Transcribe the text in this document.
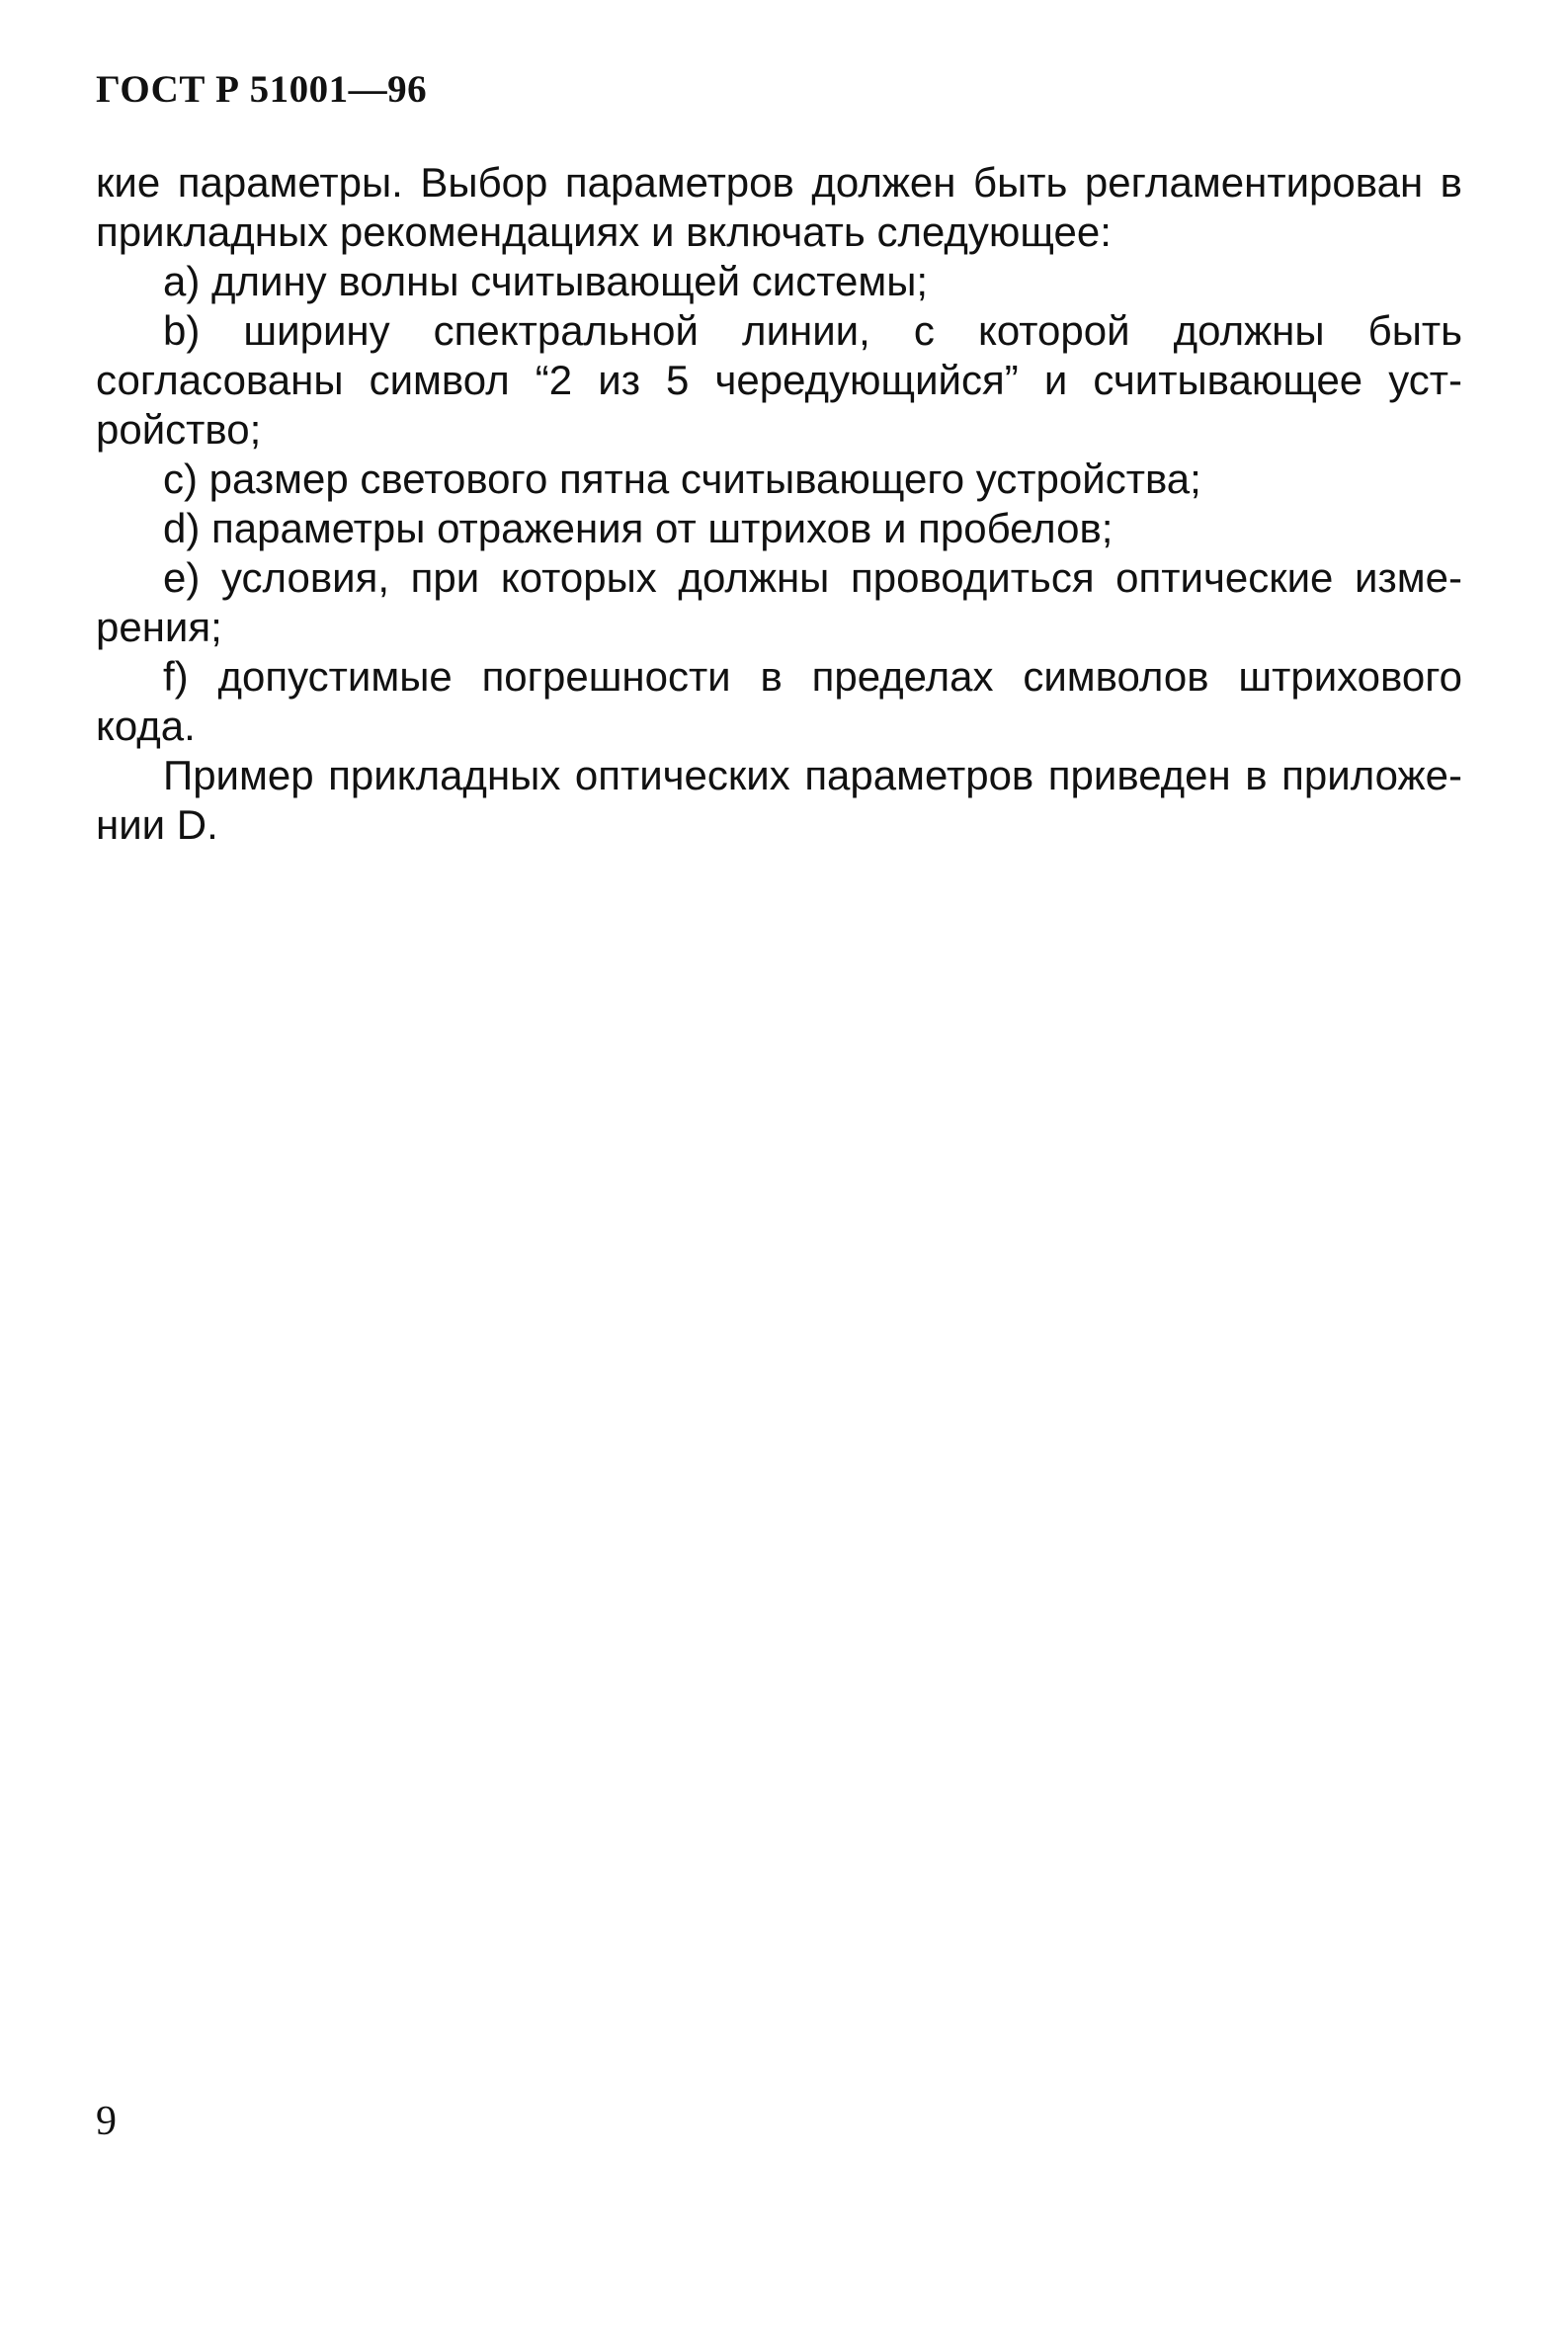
ГОСТ Р 51001—96
кие параметры. Выбор параметров должен быть регламентирован в
прикладных рекомендациях и включать следующее:
a) длину волны считывающей системы;
b) ширину спектральной линии, с которой должны быть
согласованы символ “2 из 5 чередующийся” и считывающее уст-
ройство;
c) размер светового пятна считывающего устройства;
d) параметры отражения от штрихов и пробелов;
e) условия, при которых должны проводиться оптические изме-
рения;
f) допустимые погрешности в пределах символов штрихового
кода.
Пример прикладных оптических параметров приведен в приложе-
нии D.
9
